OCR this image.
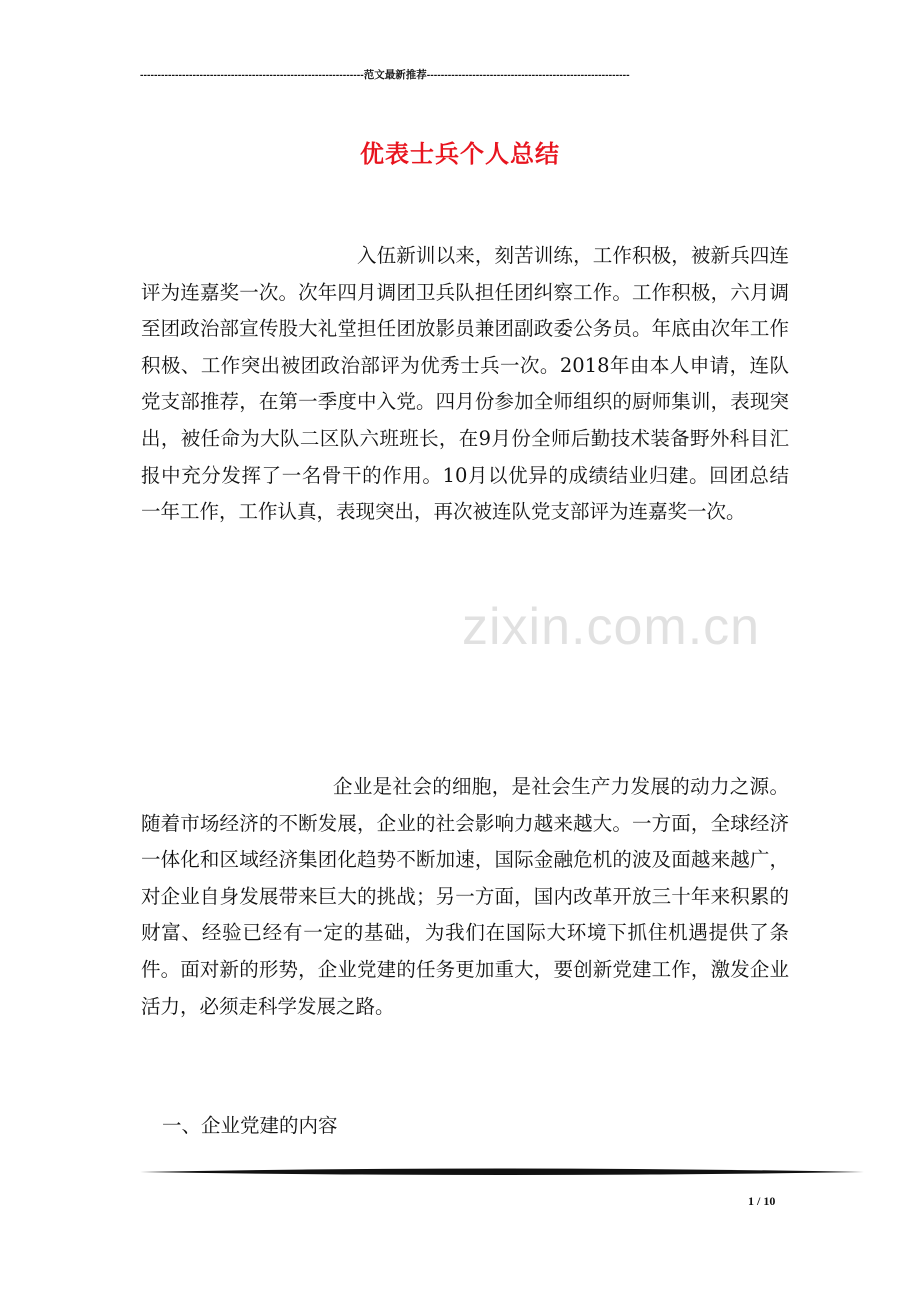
----------------------------------------------------------------范文最新推荐----------------------------------------------------------
优表士兵个人总结

入伍新训以来，刻苦训练，工作积极，被新兵四连评为连嘉奖一次。次年四月调团卫兵队担任团纠察工作。工作积极，六月调至团政治部宣传股大礼堂担任团放影员兼团副政委公务员。年底由次年工作积极、工作突出被团政治部评为优秀士兵一次。2018年由本人申请，连队党支部推荐，在第一季度中入党。四月份参加全师组织的厨师集训，表现突出，被任命为大队二区队六班班长，在9月份全师后勤技术装备野外科目汇报中充分发挥了一名骨干的作用。10月以优异的成绩结业归建。回团总结一年工作，工作认真，表现突出，再次被连队党支部评为连嘉奖一次。

zixin.com.cn

企业是社会的细胞，是社会生产力发展的动力之源。随着市场经济的不断发展，企业的社会影响力越来越大。一方面，全球经济一体化和区域经济集团化趋势不断加速，国际金融危机的波及面越来越广，对企业自身发展带来巨大的挑战；另一方面，国内改革开放三十年来积累的财富、经验已经有一定的基础，为我们在国际大环境下抓住机遇提供了条件。面对新的形势，企业党建的任务更加重大，要创新党建工作，激发企业活力，必须走科学发展之路。

一、企业党建的内容

1 / 10
